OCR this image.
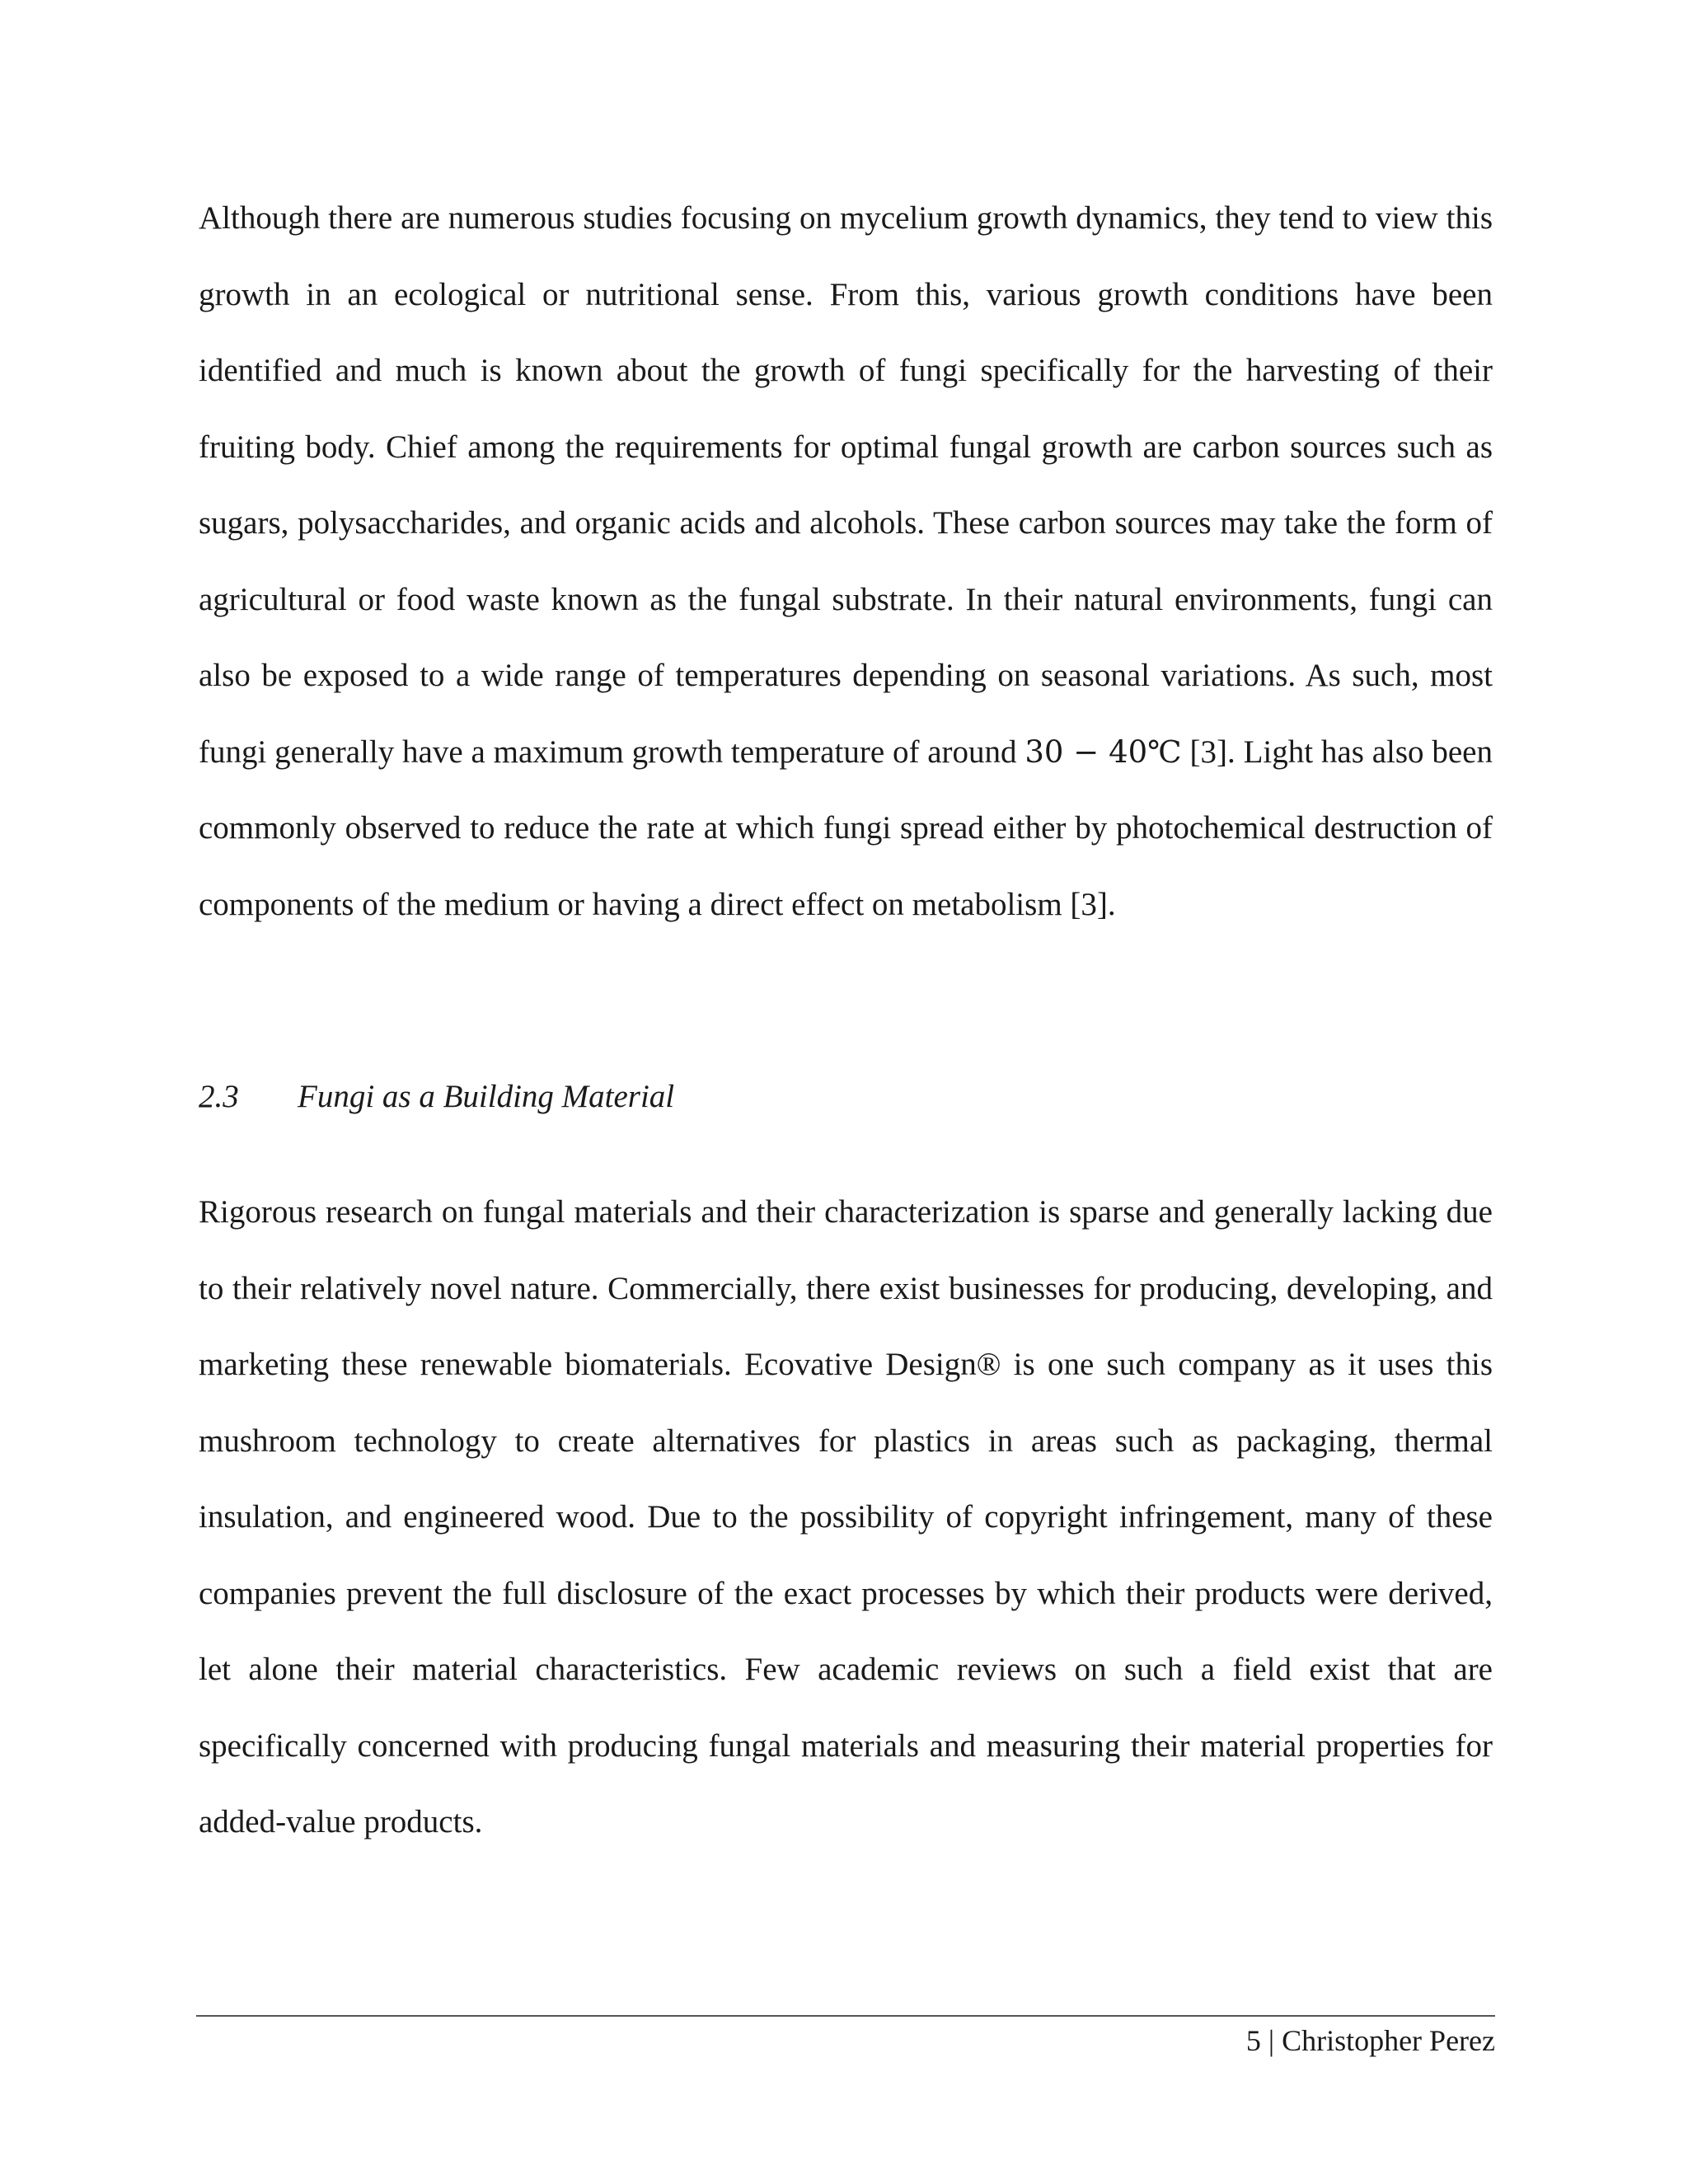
Although there are numerous studies focusing on mycelium growth dynamics, they tend to view this growth in an ecological or nutritional sense. From this, various growth conditions have been identified and much is known about the growth of fungi specifically for the harvesting of their fruiting body. Chief among the requirements for optimal fungal growth are carbon sources such as sugars, polysaccharides, and organic acids and alcohols. These carbon sources may take the form of agricultural or food waste known as the fungal substrate. In their natural environments, fungi can also be exposed to a wide range of temperatures depending on seasonal variations. As such, most fungi generally have a maximum growth temperature of around 30 − 40℃ [3]. Light has also been commonly observed to reduce the rate at which fungi spread either by photochemical destruction of components of the medium or having a direct effect on metabolism [3].

2.3 Fungi as a Building Material

Rigorous research on fungal materials and their characterization is sparse and generally lacking due to their relatively novel nature. Commercially, there exist businesses for producing, developing, and marketing these renewable biomaterials. Ecovative Design® is one such company as it uses this mushroom technology to create alternatives for plastics in areas such as packaging, thermal insulation, and engineered wood. Due to the possibility of copyright infringement, many of these companies prevent the full disclosure of the exact processes by which their products were derived, let alone their material characteristics. Few academic reviews on such a field exist that are specifically concerned with producing fungal materials and measuring their material properties for added-value products.

5 | Christopher Perez
